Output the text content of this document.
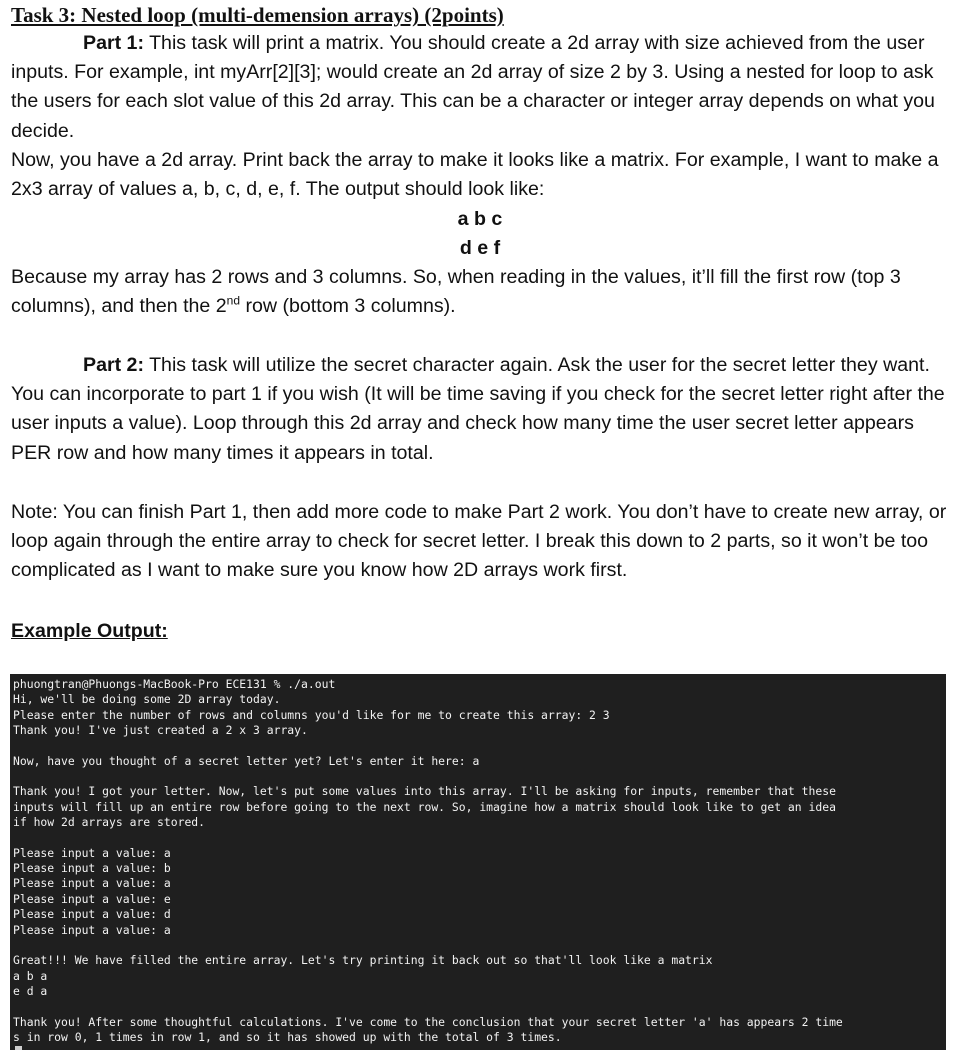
Task 3: Nested loop (multi-demension arrays) (2points)

Part 1: This task will print a matrix. You should create a 2d array with size achieved from the user inputs. For example, int myArr[2][3]; would create an 2d array of size 2 by 3. Using a nested for loop to ask the users for each slot value of this 2d array. This can be a character or integer array depends on what you decide.

Now, you have a 2d array. Print back the array to make it looks like a matrix. For example, I want to make a 2x3 array of values a, b, c, d, e, f. The output should look like:

a b c

d e f

Because my array has 2 rows and 3 columns. So, when reading in the values, it’ll fill the first row (top 3 columns), and then the 2nd row (bottom 3 columns).

Part 2: This task will utilize the secret character again. Ask the user for the secret letter they want. You can incorporate to part 1 if you wish (It will be time saving if you check for the secret letter right after the user inputs a value). Loop through this 2d array and check how many time the user secret letter appears PER row and how many times it appears in total.

Note: You can finish Part 1, then add more code to make Part 2 work. You don’t have to create new array, or loop again through the entire array to check for secret letter. I break this down to 2 parts, so it won’t be too complicated as I want to make sure you know how 2D arrays work first.

Example Output:
phuongtran@Phuongs-MacBook-Pro ECE131 % ./a.out
Hi, we'll be doing some 2D array today.
Please enter the number of rows and columns you'd like for me to create this array: 2 3
Thank you! I've just created a 2 x 3 array.
Now, have you thought of a secret letter yet? Let's enter it here: a
Thank you! I got your letter. Now, let's put some values into this array. I'll be asking for inputs, remember that these
inputs will fill up an entire row before going to the next row. So, imagine how a matrix should look like to get an idea
if how 2d arrays are stored.
Please input a value: a
Please input a value: b
Please input a value: a
Please input a value: e
Please input a value: d
Please input a value: a
Great!!! We have filled the entire array. Let's try printing it back out so that'll look like a matrix
a b a
e d a
Thank you! After some thoughtful calculations. I've come to the conclusion that your secret letter 'a' has appears 2 time
s in row 0, 1 times in row 1, and so it has showed up with the total of 3 times.
